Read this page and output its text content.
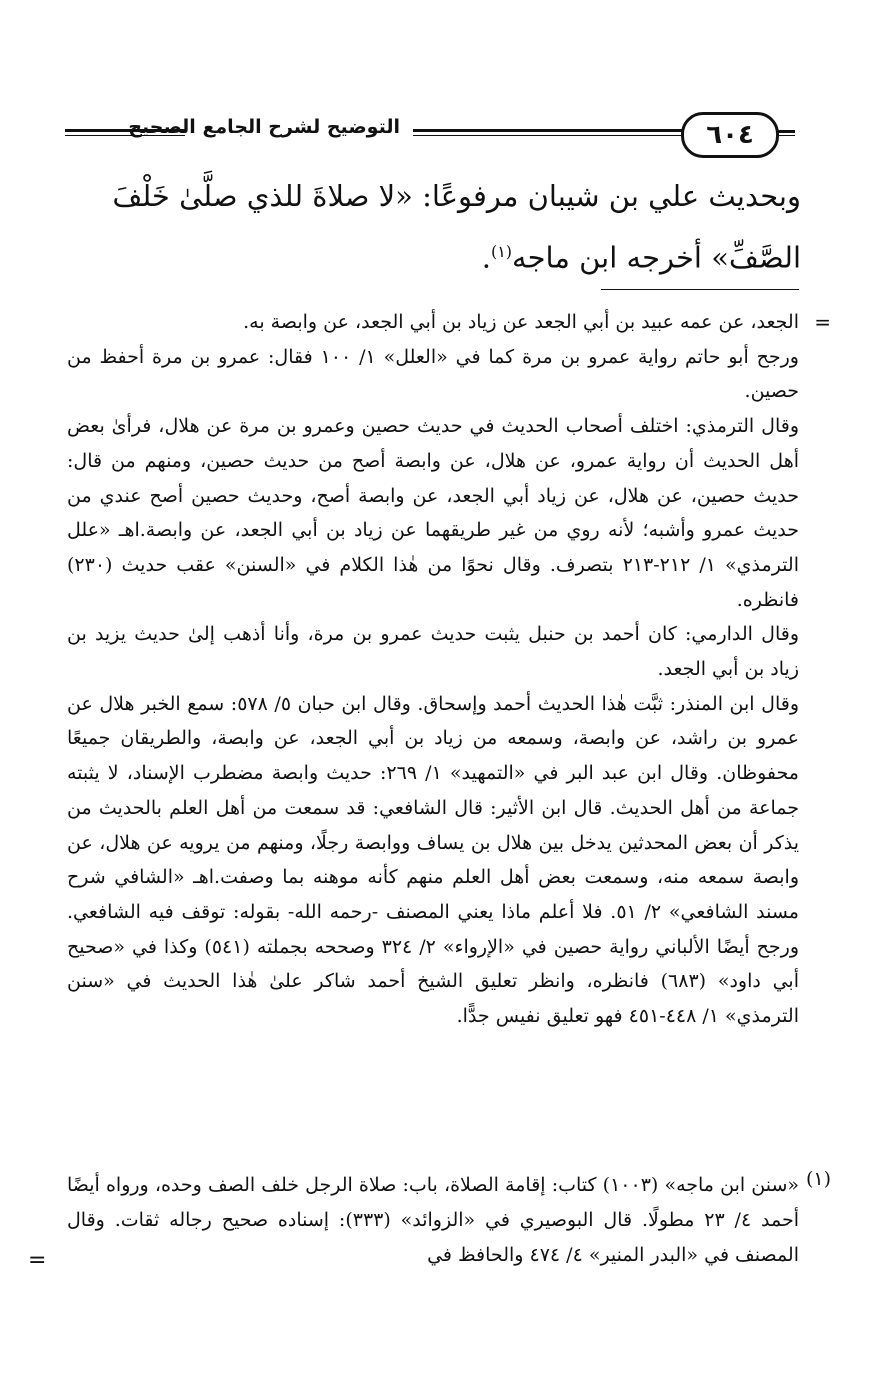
٦٠٤
التوضيح لشرح الجامع الصحيح

وبحديث علي بن شيبان مرفوعًا: «لا صلاةَ للذي صلَّىٰ خَلْفَ

الصَّفِّ» أخرجه ابن ماجه$^{(١)}$.

=

الجعد، عن عمه عبيد بن أبي الجعد عن زياد بن أبي الجعد، عن وابصة به.

ورجح أبو حاتم رواية عمرو بن مرة كما في «العلل» ١/ ١٠٠ فقال: عمرو بن مرة أحفظ من حصين.

وقال الترمذي: اختلف أصحاب الحديث في حديث حصين وعمرو بن مرة عن هلال، فرأىٰ بعض أهل الحديث أن رواية عمرو، عن هلال، عن وابصة أصح من حديث حصين، ومنهم من قال: حديث حصين، عن هلال، عن زياد أبي الجعد، عن وابصة أصح، وحديث حصين أصح عندي من حديث عمرو وأشبه؛ لأنه روي من غير طريقهما عن زياد بن أبي الجعد، عن وابصة.اهـ «علل الترمذي» ١/ ٢١٢-٢١٣ بتصرف. وقال نحوًا من هٰذا الكلام في «السنن» عقب حديث (٢٣٠) فانظره.

وقال الدارمي: كان أحمد بن حنبل يثبت حديث عمرو بن مرة، وأنا أذهب إلىٰ حديث يزيد بن زياد بن أبي الجعد.

وقال ابن المنذر: ثبَّت هٰذا الحديث أحمد وإسحاق. وقال ابن حبان ٥/ ٥٧٨: سمع الخبر هلال عن عمرو بن راشد، عن وابصة، وسمعه من زياد بن أبي الجعد، عن وابصة، والطريقان جميعًا محفوظان. وقال ابن عبد البر في «التمهيد» ١/ ٢٦٩: حديث وابصة مضطرب الإسناد، لا يثبته جماعة من أهل الحديث. قال ابن الأثير: قال الشافعي: قد سمعت من أهل العلم بالحديث من يذكر أن بعض المحدثين يدخل بين هلال بن يساف ووابصة رجلًا، ومنهم من يرويه عن هلال، عن وابصة سمعه منه، وسمعت بعض أهل العلم منهم كأنه موهنه بما وصفت.اهـ «الشافي شرح مسند الشافعي» ٢/ ٥١. فلا أعلم ماذا يعني المصنف -رحمه الله- بقوله: توقف فيه الشافعي. ورجح أيضًا الألباني رواية حصين في «الإرواء» ٢/ ٣٢٤ وصححه بجملته (٥٤١) وكذا في «صحيح أبي داود» (٦٨٣) فانظره، وانظر تعليق الشيخ أحمد شاكر علىٰ هٰذا الحديث في «سنن الترمذي» ١/ ٤٤٨-٤٥١ فهو تعليق نفيس جدًّا.

(١)

«سنن ابن ماجه» (١٠٠٣) كتاب: إقامة الصلاة، باب: صلاة الرجل خلف الصف وحده، ورواه أيضًا أحمد ٤/ ٢٣ مطولًا. قال البوصيري في «الزوائد» (٣٣٣): إسناده صحيح رجاله ثقات. وقال المصنف في «البدر المنير» ٤/ ٤٧٤ والحافظ في

=
